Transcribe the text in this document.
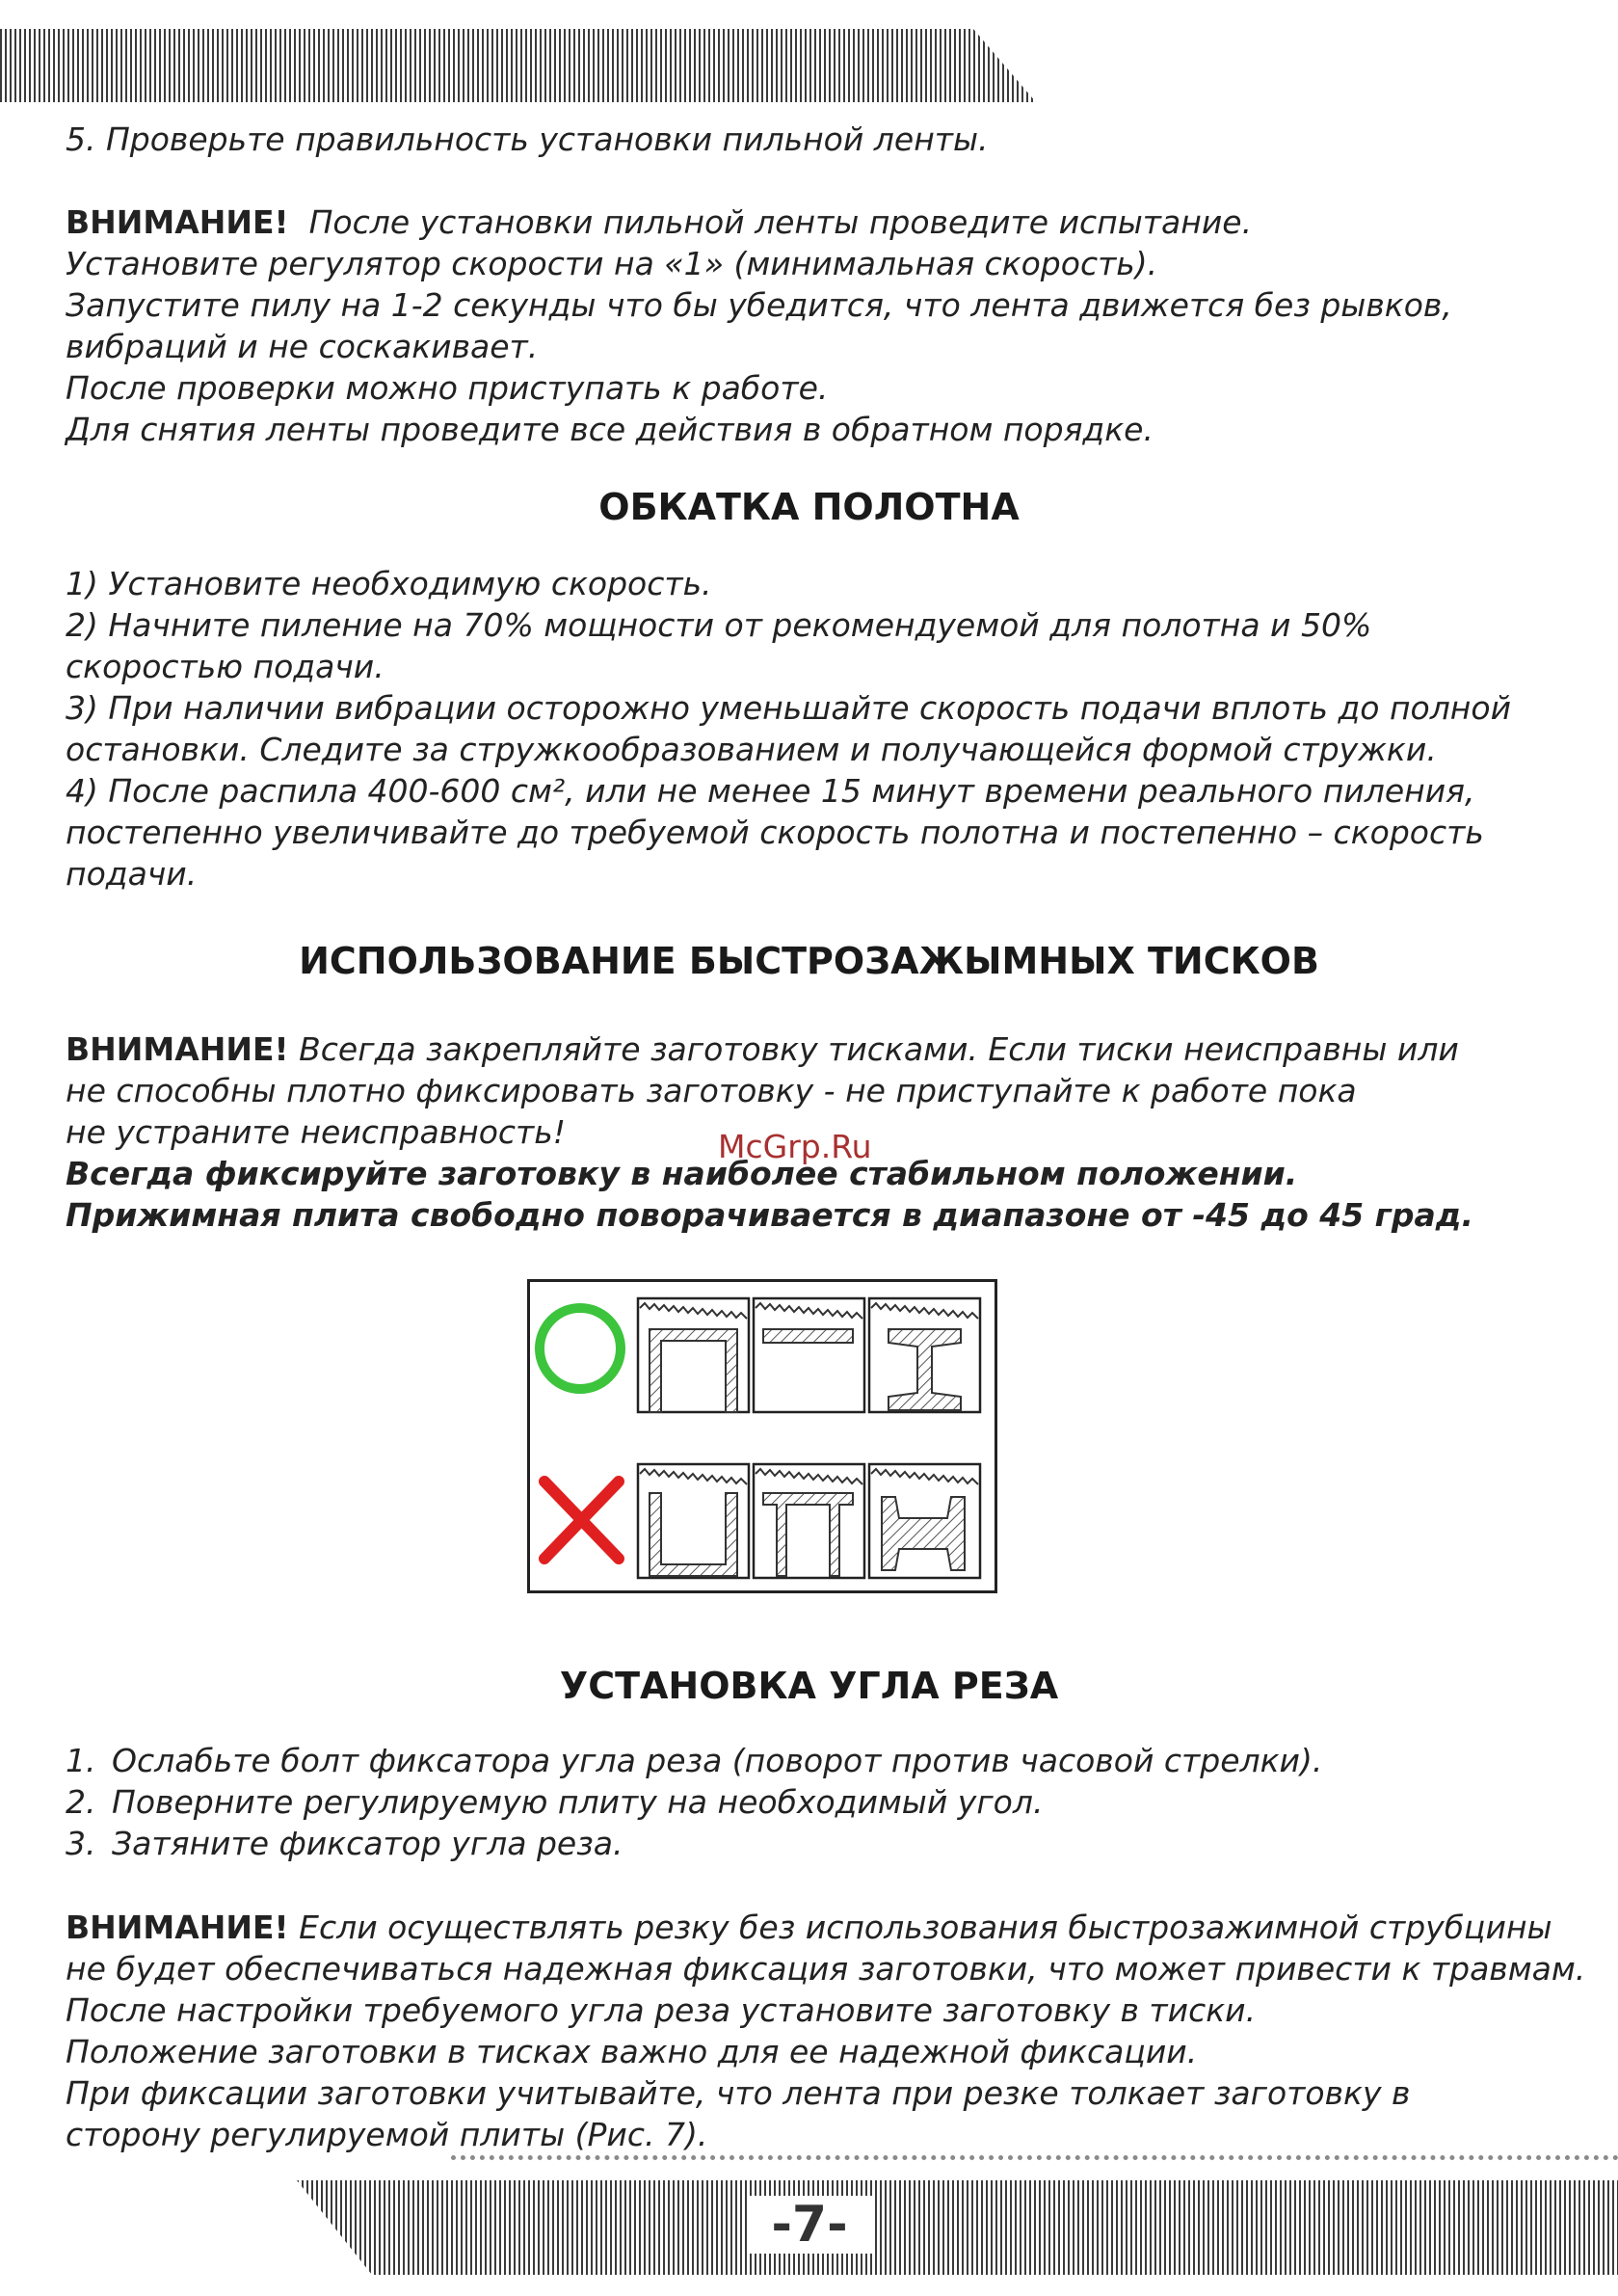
5. Проверьте правильность установки пильной ленты.

ВНИМАНИЕ! После установки пильной ленты проведите испытание.

Установите регулятор скорости на «1» (минимальная скорость).

Запустите пилу на 1-2 секунды что бы убедится, что лента движется без рывков,

вибраций и не соскакивает.

После проверки можно приступать к работе.

Для снятия ленты проведите все действия в обратном порядке.

ОБКАТКА ПОЛОТНА

1) Установите необходимую скорость.

2) Начните пиление на 70% мощности от рекомендуемой для полотна и 50%

скоростью подачи.

3) При наличии вибрации осторожно уменьшайте скорость подачи вплоть до полной

остановки. Следите за стружкообразованием и получающейся формой стружки.

4) После распила 400-600 см², или не менее 15 минут времени реального пиления,

постепенно увеличивайте до требуемой скорость полотна и постепенно – скорость

подачи.

ИСПОЛЬЗОВАНИЕ БЫСТРОЗАЖЫМНЫХ ТИСКОВ

ВНИМАНИЕ! Всегда закрепляйте заготовку тисками. Если тиски неисправны или

не способны плотно фиксировать заготовку - не приступайте к работе пока

не устраните неисправность!

Всегда фиксируйте заготовку в наиболее стабильном положении.

Прижимная плита свободно поворачивается в диапазоне от -45 до 45 град.

McGrp.Ru
УСТАНОВКА УГЛА РЕЗА

1. Ослабьте болт фиксатора угла реза (поворот против часовой стрелки).

2. Поверните регулируемую плиту на необходимый угол.

3. Затяните фиксатор угла реза.

ВНИМАНИЕ! Если осуществлять резку без использования быстрозажимной струбцины

не будет обеспечиваться надежная фиксация заготовки, что может привести к травмам.

После настройки требуемого угла реза установите заготовку в тиски.

Положение заготовки в тисках важно для ее надежной фиксации.

При фиксации заготовки учитывайте, что лента при резке толкает заготовку в

сторону регулируемой плиты (Рис. 7).

-7-
